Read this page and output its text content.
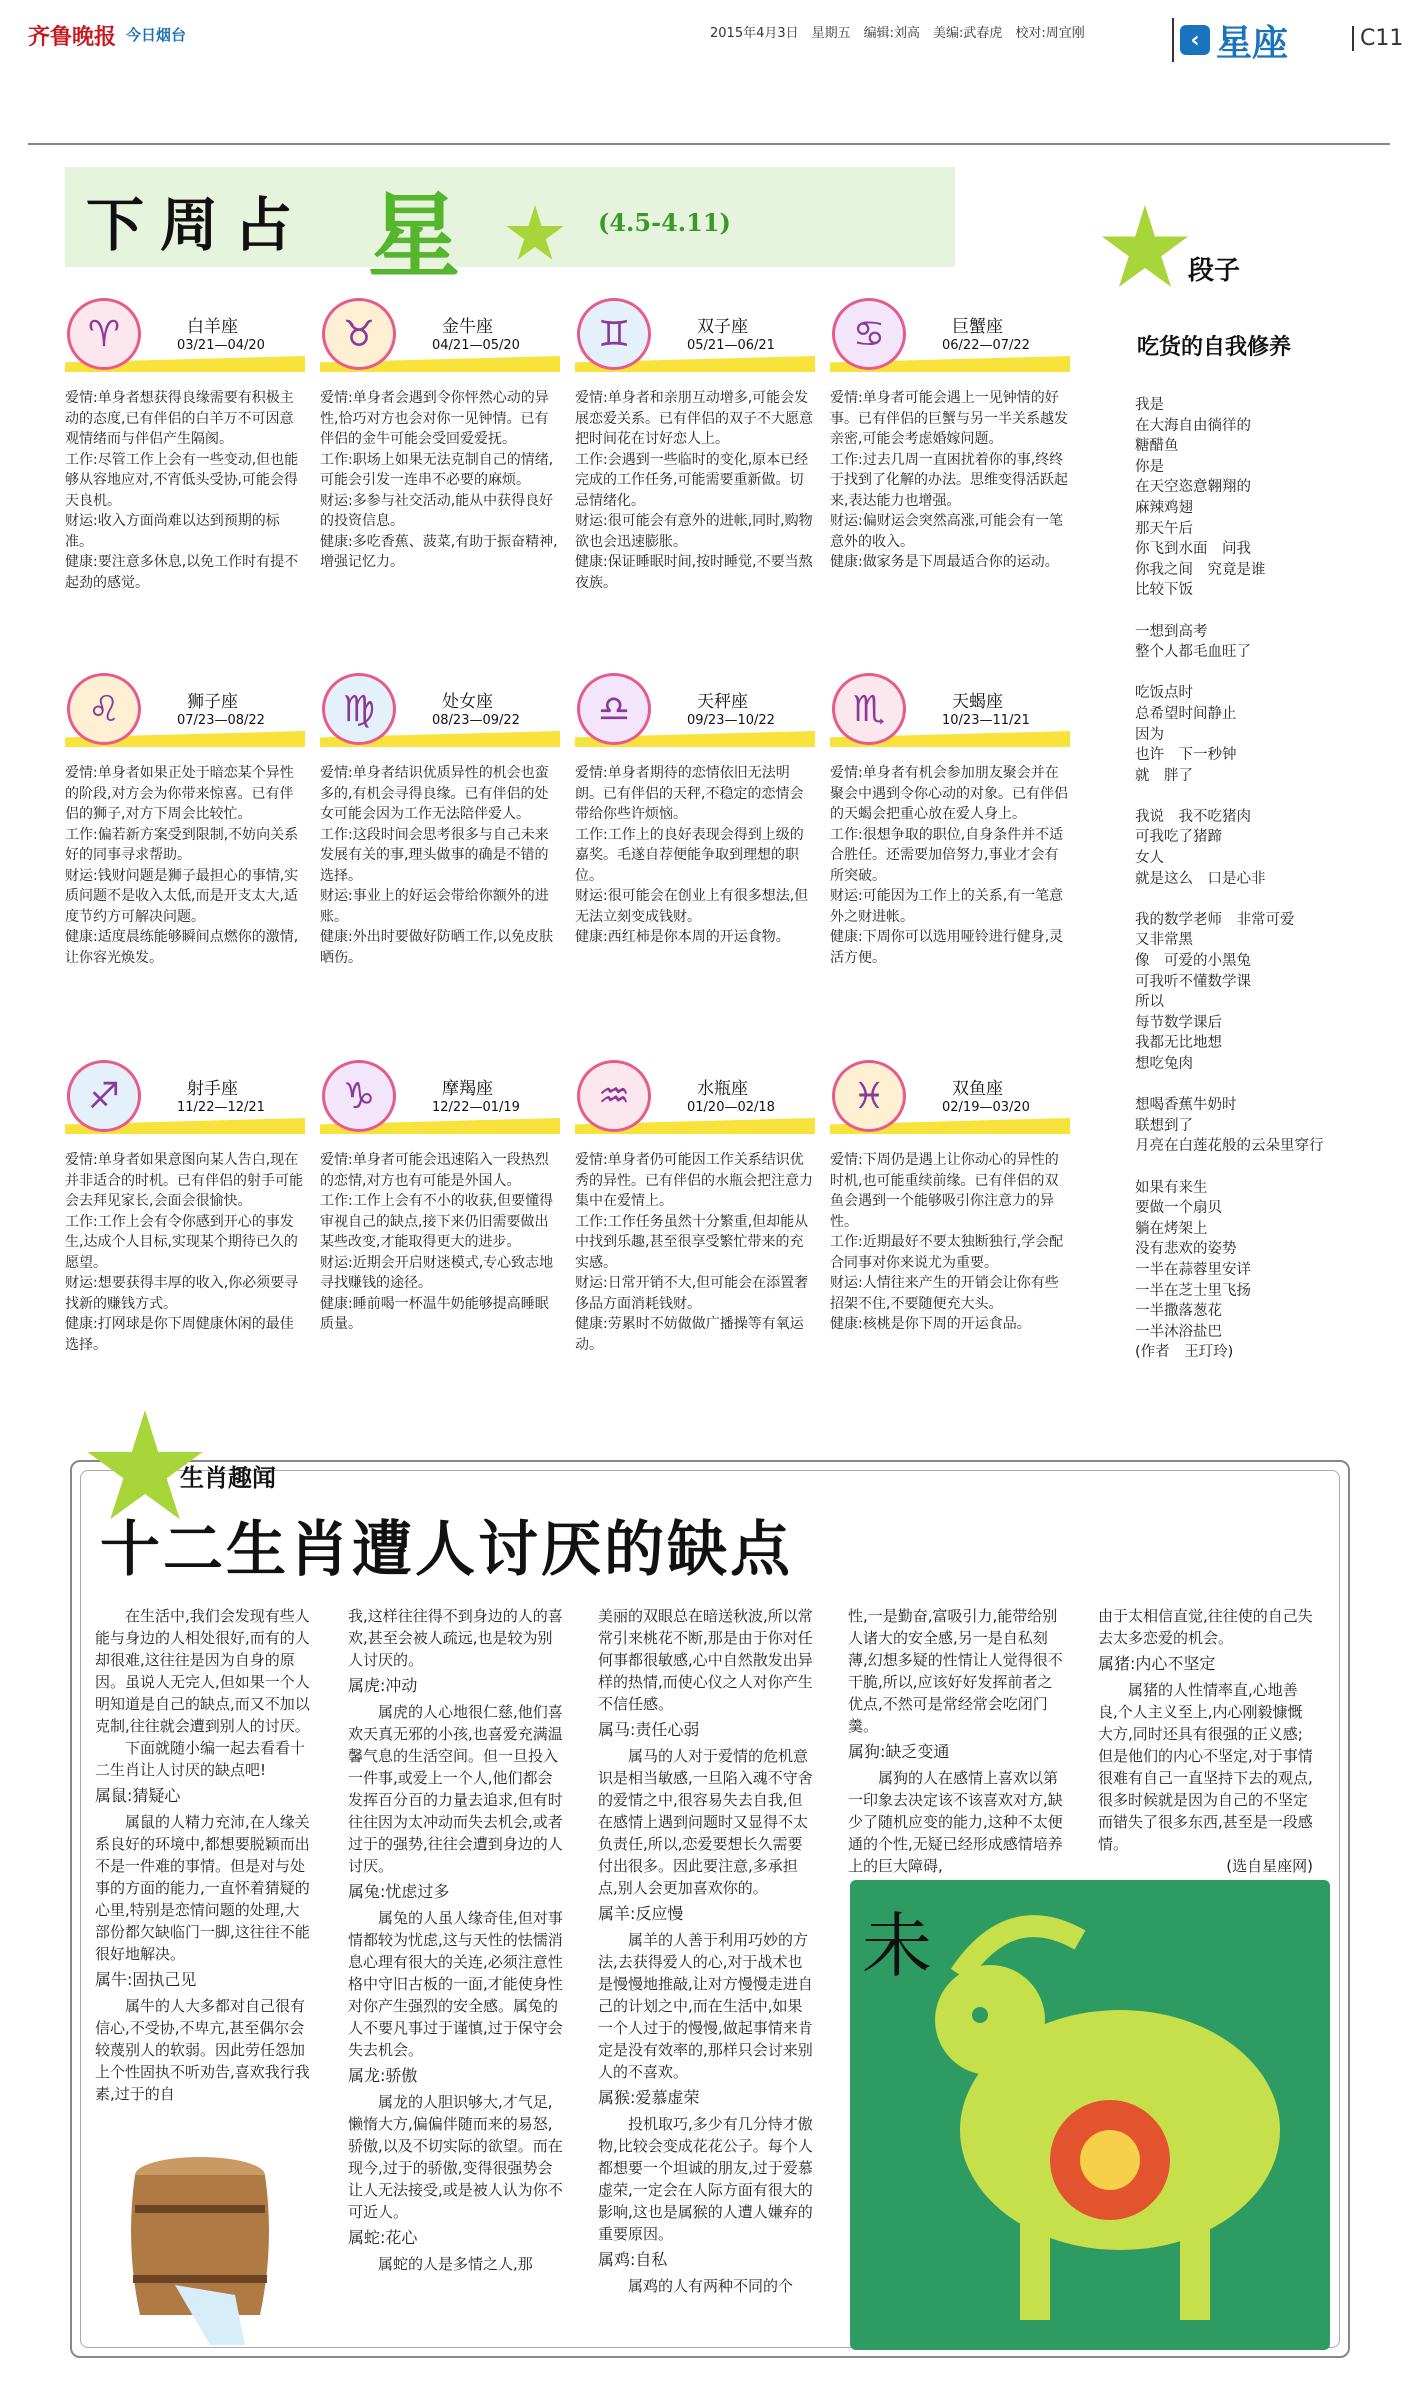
齐鲁晚报 今日烟台	2015年4月3日　星期五　编辑:刘高　美编:武春虎　校对:周宜刚	‹ 星座	C11
下周占 星	(4.5-4.11)
♈	白羊座
03/21—04/20
爱情:单身者想获得良缘需要有积极主动的态度,已有伴侣的白羊万不可因意观情绪而与伴侣产生隔阂。
工作:尽管工作上会有一些变动,但也能够从容地应对,不宵低头受协,可能会得天良机。
财运:收入方面尚难以达到预期的标准。
健康:要注意多休息,以免工作时有提不起劲的感觉。
♉	金牛座
04/21—05/20
爱情:单身者会遇到令你怦然心动的异性,恰巧对方也会对你一见钟情。已有伴侣的金牛可能会受回爱爱抚。
工作:职场上如果无法克制自己的情绪,可能会引发一连串不必要的麻烦。
财运:多参与社交活动,能从中获得良好的投资信息。
健康:多吃香蕉、菠菜,有助于振奋精神,增强记忆力。
♊	双子座
05/21—06/21
爱情:单身者和亲朋互动增多,可能会发展恋爱关系。已有伴侣的双子不大愿意把时间花在讨好恋人上。
工作:会遇到一些临时的变化,原本已经完成的工作任务,可能需要重新做。切忌情绪化。
财运:很可能会有意外的进帐,同时,购物欲也会迅速膨胀。
健康:保证睡眠时间,按时睡觉,不要当熬夜族。
♋	巨蟹座
06/22—07/22
爱情:单身者可能会遇上一见钟情的好事。已有伴侣的巨蟹与另一半关系越发亲密,可能会考虑婚嫁问题。
工作:过去几周一直困扰着你的事,终终于找到了化解的办法。思维变得活跃起来,表达能力也增强。
财运:偏财运会突然高涨,可能会有一笔意外的收入。
健康:做家务是下周最适合你的运动。
♌	狮子座
07/23—08/22
爱情:单身者如果正处于暗恋某个异性的阶段,对方会为你带来惊喜。已有伴侣的狮子,对方下周会比较忙。
工作:偏若新方案受到限制,不妨向关系好的同事寻求帮助。
财运:钱财问题是狮子最担心的事情,实质问题不是收入太低,而是开支太大,适度节约方可解决问题。
健康:适度晨练能够瞬间点燃你的激情,让你容光焕发。
♍	处女座
08/23—09/22
爱情:单身者结识优质异性的机会也蛮多的,有机会寻得良缘。已有伴侣的处女可能会因为工作无法陪伴爱人。
工作:这段时间会思考很多与自己未来发展有关的事,理头做事的确是不错的选择。
财运:事业上的好运会带给你额外的进账。
健康:外出时要做好防晒工作,以免皮肤晒伤。
♎	天秤座
09/23—10/22
爱情:单身者期待的恋情依旧无法明朗。已有伴侣的天秤,不稳定的恋情会带给你些许烦恼。
工作:工作上的良好表现会得到上级的嘉奖。毛遂自荐便能争取到理想的职位。
财运:很可能会在创业上有很多想法,但无法立刻变成钱财。
健康:西红柿是你本周的开运食物。
♏	天蝎座
10/23—11/21
爱情:单身者有机会参加朋友聚会并在聚会中遇到令你心动的对象。已有伴侣的天蝎会把重心放在爱人身上。
工作:很想争取的职位,自身条件并不适合胜任。还需要加倍努力,事业才会有所突破。
财运:可能因为工作上的关系,有一笔意外之财进帐。
健康:下周你可以选用哑铃进行健身,灵活方便。
♐	射手座
11/22—12/21
爱情:单身者如果意图向某人告白,现在并非适合的时机。已有伴侣的射手可能会去拜见家长,会面会很愉快。
工作:工作上会有令你感到开心的事发生,达成个人目标,实现某个期待已久的愿望。
财运:想要获得丰厚的收入,你必须要寻找新的赚钱方式。
健康:打网球是你下周健康休闲的最佳选择。
♑	摩羯座
12/22—01/19
爱情:单身者可能会迅速陷入一段热烈的恋情,对方也有可能是外国人。
工作:工作上会有不小的收获,但要懂得审视自己的缺点,接下来仍旧需要做出某些改变,才能取得更大的进步。
财运:近期会开启财迷模式,专心致志地寻找赚钱的途径。
健康:睡前喝一杯温牛奶能够提高睡眠质量。
♒	水瓶座
01/20—02/18
爱情:单身者仍可能因工作关系结识优秀的异性。已有伴侣的水瓶会把注意力集中在爱情上。
工作:工作任务虽然十分繁重,但却能从中找到乐趣,甚至很享受繁忙带来的充实感。
财运:日常开销不大,但可能会在添置奢侈品方面消耗钱财。
健康:劳累时不妨做做广播操等有氧运动。
♓	双鱼座
02/19—03/20
爱情:下周仍是遇上让你动心的异性的时机,也可能重续前缘。已有伴侣的双鱼会遇到一个能够吸引你注意力的异性。
工作:近期最好不要太独断独行,学会配合同事对你来说尤为重要。
财运:人情往来产生的开销会让你有些招架不住,不要随便充大头。
健康:核桃是你下周的开运食品。
段子
吃货的自我修养
我是
在大海自由徜徉的
糖醋鱼
你是
在天空恣意翱翔的
麻辣鸡翅
那天午后
你飞到水面　问我
你我之间　究竟是谁
比较下饭

一想到高考
整个人都毛血旺了

吃饭点时
总希望时间静止
因为
也许　下一秒钟
就　胖了

我说　我不吃猪肉
可我吃了猪蹄
女人
就是这么　口是心非

我的数学老师　非常可爱
又非常黑
像　可爱的小黑兔
可我听不懂数学课
所以
每节数学课后
我都无比地想
想吃兔肉

想喝香蕉牛奶时
联想到了
月亮在白莲花般的云朵里穿行

如果有来生
要做一个扇贝
躺在烤架上
没有悲欢的姿势
一半在蒜蓉里安详
一半在芝士里飞扬
一半撒落葱花
一半沐浴盐巴
(作者　王玎玲)
生肖趣闻
十二生肖遭人讨厌的缺点

在生活中,我们会发现有些人能与身边的人相处很好,而有的人却很难,这往往是因为自身的原因。虽说人无完人,但如果一个人明知道是自己的缺点,而又不加以克制,往往就会遭到别人的讨厌。

下面就随小编一起去看看十二生肖让人讨厌的缺点吧!

属鼠:猜疑心

属鼠的人精力充沛,在人缘关系良好的环境中,都想要脱颖而出不是一件难的事情。但是对与处事的方面的能力,一直怀着猜疑的心里,特别是恋情问题的处理,大部份都欠缺临门一脚,这往往不能很好地解决。

属牛:固执己见

属牛的人大多都对自己很有信心,不受协,不卑亢,甚至偶尔会较蔑别人的软弱。因此劳任怨加上个性固执不听劝告,喜欢我行我素,过于的自

我,这样往往得不到身边的人的喜欢,甚至会被人疏远,也是较为别人讨厌的。

属虎:冲动

属虎的人心地很仁慈,他们喜欢天真无邪的小孩,也喜爱充满温馨气息的生活空间。但一旦投入一件事,或爱上一个人,他们都会发挥百分百的力量去追求,但有时往往因为太冲动而失去机会,或者过于的强势,往往会遭到身边的人讨厌。

属兔:忧虑过多

属兔的人虽人缘奇佳,但对事情都较为忧虑,这与天性的怯懦消息心理有很大的关连,必须注意性格中守旧古板的一面,才能使身性对你产生强烈的安全感。属兔的人不要凡事过于谨慎,过于保守会失去机会。

属龙:骄傲

属龙的人胆识够大,才气足,懒惰大方,偏偏伴随而来的易怒,骄傲,以及不切实际的欲望。而在现今,过于的骄傲,变得很强势会让人无法接受,或是被人认为你不可近人。

属蛇:花心

属蛇的人是多情之人,那

美丽的双眼总在暗送秋波,所以常常引来桃花不断,那是由于你对任何事都很敏感,心中自然散发出异样的热情,而使心仪之人对你产生不信任感。

属马:责任心弱

属马的人对于爱情的危机意识是相当敏感,一旦陷入魂不守舍的爱情之中,很容易失去自我,但在感情上遇到问题时又显得不太负责任,所以,恋爱要想长久需要付出很多。因此要注意,多承担点,别人会更加喜欢你的。

属羊:反应慢

属羊的人善于利用巧妙的方法,去获得爱人的心,对于战术也是慢慢地推敲,让对方慢慢走进自己的计划之中,而在生活中,如果一个人过于的慢慢,做起事情来肯定是没有效率的,那样只会讨来别人的不喜欢。

属猴:爱慕虚荣

投机取巧,多少有几分恃才傲物,比较会变成花花公子。每个人都想要一个坦诚的朋友,过于爱慕虚荣,一定会在人际方面有很大的影响,这也是属猴的人遭人嫌弃的重要原因。

属鸡:自私

属鸡的人有两种不同的个

性,一是勤奋,富吸引力,能带给别人诸大的安全感,另一是自私刻薄,幻想多疑的性情让人觉得很不干脆,所以,应该好好发挥前者之优点,不然可是常经常会吃闭门羹。

属狗:缺乏变通

属狗的人在感情上喜欢以第一印象去决定该不该喜欢对方,缺少了随机应变的能力,这种不太便通的个性,无疑已经形成感情培养上的巨大障碍,

由于太相信直觉,往往使的自己失去太多恋爱的机会。

属猪:内心不坚定

属猪的人性情率直,心地善良,个人主义至上,内心刚毅慷慨大方,同时还具有很强的正义感;但是他们的内心不坚定,对于事情很难有自己一直坚持下去的观点,很多时候就是因为自己的不坚定而错失了很多东西,甚至是一段感情。

(选自星座网)

未
